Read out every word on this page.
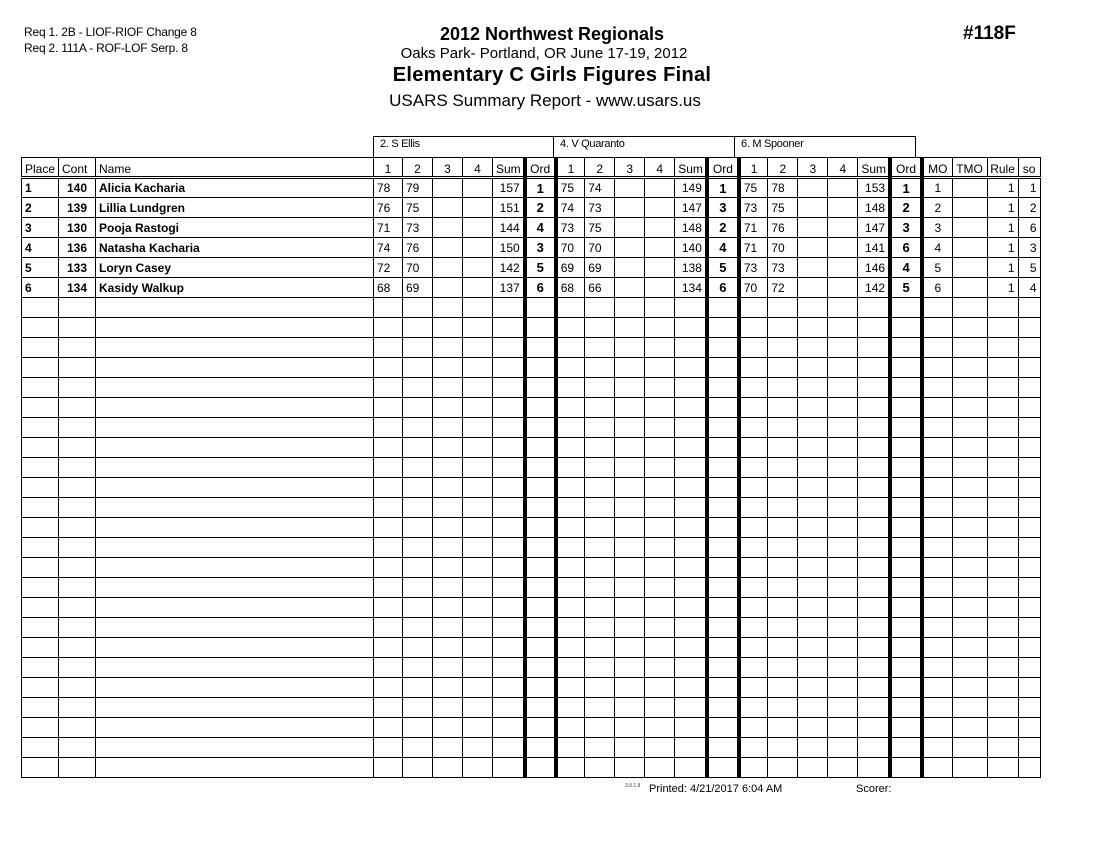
Req 1. 2B - LIOF-RIOF Change 8
Req 2. 111A - ROF-LOF Serp. 8
2012 Northwest Regionals
Oaks Park- Portland, OR June 17-19, 2012
Elementary C Girls Figures Final
USARS Summary Report - www.usars.us
#118F
2. S Ellis	4. V Quaranto	6. M Spooner
Place	Cont	Name	1	2	3	4	Sum	Ord	1	2	3	4	Sum	Ord	1	2	3	4	Sum	Ord	MO	TMO	Rule	so
1	140	Alicia Kacharia	78	79			157	1	75	74			149	1	75	78			153	1	1		1	1
2	139	Lillia Lundgren	76	75			151	2	74	73			147	3	73	75			148	2	2		1	2
3	130	Pooja Rastogi	71	73			144	4	73	75			148	2	71	76			147	3	3		1	6
4	136	Natasha Kacharia	74	76			150	3	70	70			140	4	71	70			141	6	4		1	3
5	133	Loryn Casey	72	70			142	5	69	69			138	5	73	73			146	4	5		1	5
6	134	Kasidy Walkup	68	69			137	6	68	66			134	6	70	72			142	5	6		1	4

3.8.1.8 Printed: 4/21/2017 6:04 AM	Scorer:
